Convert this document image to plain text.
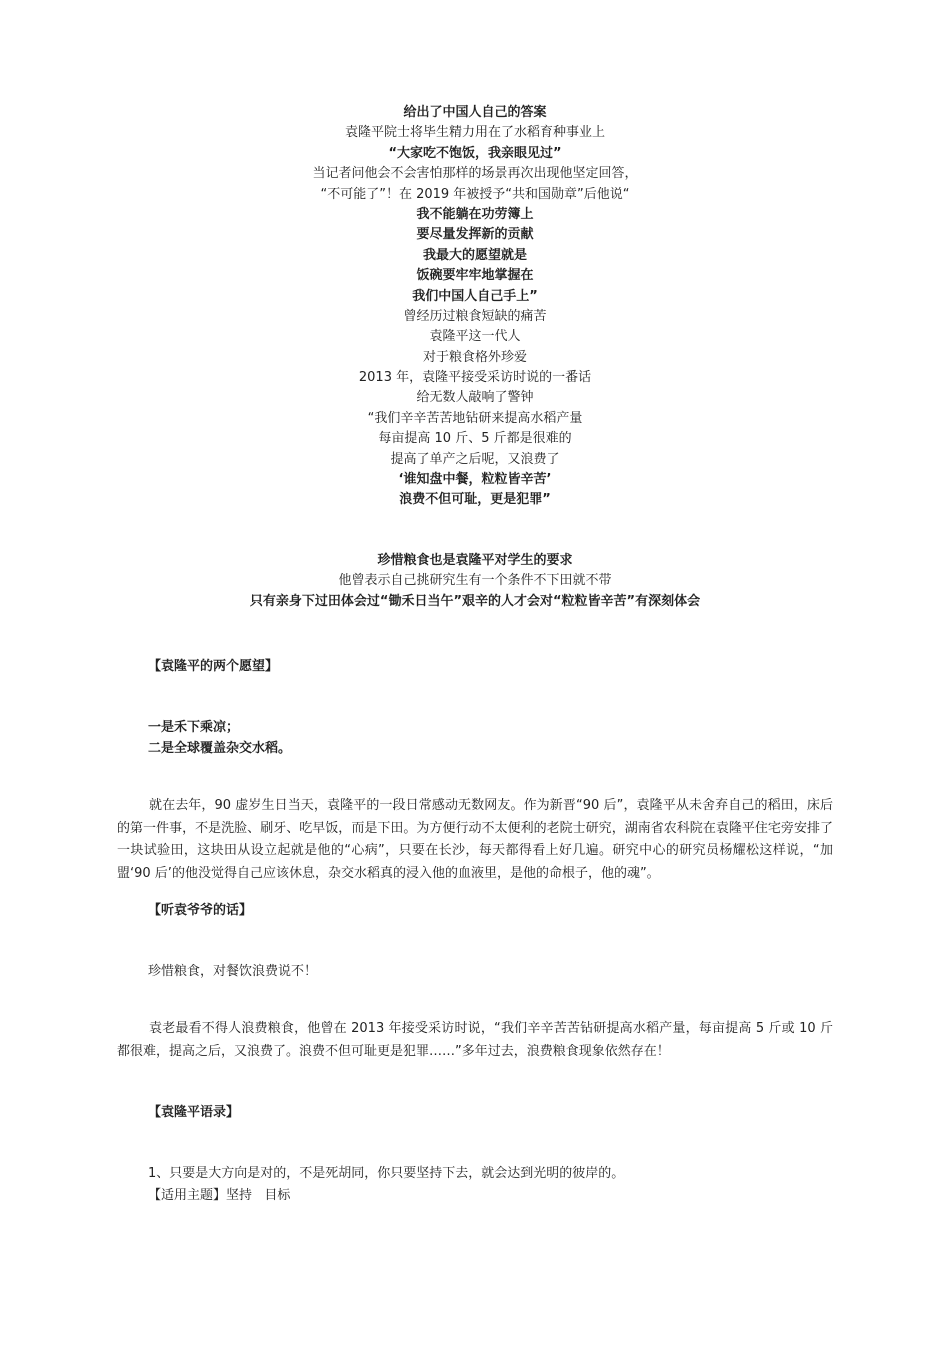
给出了中国人自己的答案
袁隆平院士将毕生精力用在了水稻育种事业上
“大家吃不饱饭，我亲眼见过”
当记者问他会不会害怕那样的场景再次出现他坚定回答，
“不可能了”！在 2019 年被授予“共和国勋章”后他说“
我不能躺在功劳簿上
要尽量发挥新的贡献
我最大的愿望就是
饭碗要牢牢地掌握在
我们中国人自己手上”
曾经历过粮食短缺的痛苦
袁隆平这一代人
对于粮食格外珍爱
2013 年，袁隆平接受采访时说的一番话
给无数人敲响了警钟
“我们辛辛苦苦地钻研来提高水稻产量
每亩提高 10 斤、5 斤都是很难的
提高了单产之后呢，又浪费了
‘谁知盘中餐，粒粒皆辛苦’
浪费不但可耻，更是犯罪”
珍惜粮食也是袁隆平对学生的要求
他曾表示自己挑研究生有一个条件不下田就不带
只有亲身下过田体会过“锄禾日当午”艰辛的人才会对“粒粒皆辛苦”有深刻体会
【袁隆平的两个愿望】
一是禾下乘凉；
二是全球覆盖杂交水稻。
就在去年，90 虚岁生日当天，袁隆平的一段日常感动无数网友。作为新晋“90 后”，袁隆平从未舍弃自己的稻田，床后的第一件事，不是洗脸、刷牙、吃早饭，而是下田。为方便行动不太便利的老院士研究，湖南省农科院在袁隆平住宅旁安排了一块试验田，这块田从设立起就是他的“心病”，只要在长沙，每天都得看上好几遍。研究中心的研究员杨耀松这样说，“加盟‘90 后’的他没觉得自己应该休息，杂交水稻真的浸入他的血液里，是他的命根子，他的魂”。
【听袁爷爷的话】
珍惜粮食，对餐饮浪费说不！
袁老最看不得人浪费粮食，他曾在 2013 年接受采访时说，“我们辛辛苦苦钻研提高水稻产量，每亩提高 5 斤或 10 斤都很难，提高之后，又浪费了。浪费不但可耻更是犯罪……”多年过去，浪费粮食现象依然存在！
【袁隆平语录】
1、只要是大方向是对的，不是死胡同，你只要坚持下去，就会达到光明的彼岸的。
【适用主题】坚持   目标
